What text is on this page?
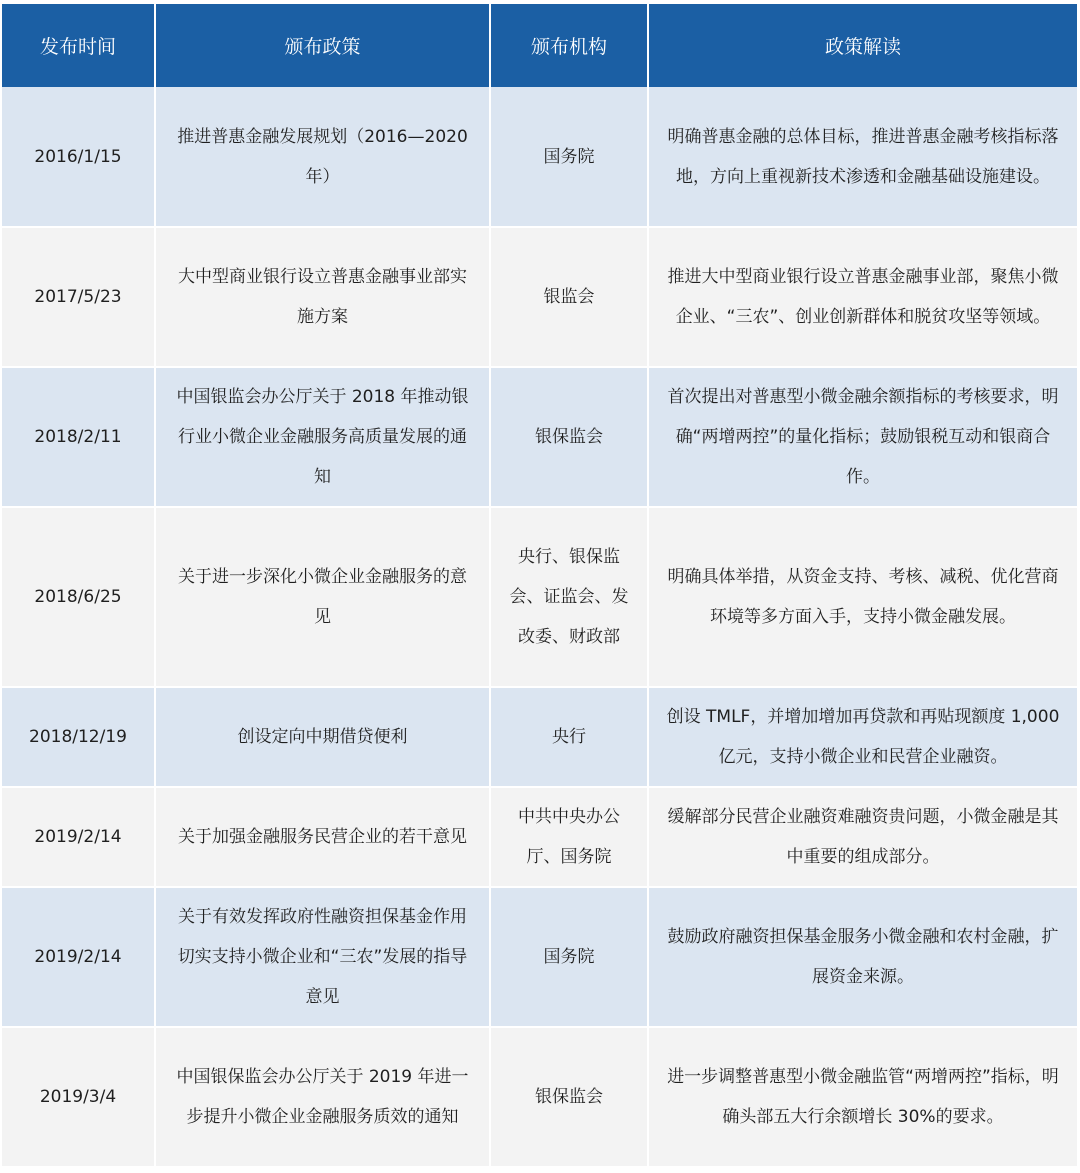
发布时间	颁布政策	颁布机构	政策解读
2016/1/15	推进普惠金融发展规划（2016—2020 年）	国务院	明确普惠金融的总体目标，推进普惠金融考核指标落地，方向上重视新技术渗透和金融基础设施建设。
2017/5/23	大中型商业银行设立普惠金融事业部实施方案	银监会	推进大中型商业银行设立普惠金融事业部，聚焦小微企业、“三农”、创业创新群体和脱贫攻坚等领域。
2018/2/11	中国银监会办公厅关于 2018 年推动银行业小微企业金融服务高质量发展的通知	银保监会	首次提出对普惠型小微金融余额指标的考核要求，明确“两增两控”的量化指标；鼓励银税互动和银商合作。
2018/6/25	关于进一步深化小微企业金融服务的意见	央行、银保监会、证监会、发改委、财政部	明确具体举措，从资金支持、考核、减税、优化营商环境等多方面入手，支持小微金融发展。
2018/12/19	创设定向中期借贷便利	央行	创设 TMLF，并增加增加再贷款和再贴现额度 1,000 亿元，支持小微企业和民营企业融资。
2019/2/14	关于加强金融服务民营企业的若干意见	中共中央办公厅、国务院	缓解部分民营企业融资难融资贵问题，小微金融是其中重要的组成部分。
2019/2/14	关于有效发挥政府性融资担保基金作用切实支持小微企业和“三农”发展的指导意见	国务院	鼓励政府融资担保基金服务小微金融和农村金融，扩展资金来源。
2019/3/4	中国银保监会办公厅关于 2019 年进一步提升小微企业金融服务质效的通知	银保监会	进一步调整普惠型小微金融监管“两增两控”指标，明确头部五大行余额增长 30%的要求。
